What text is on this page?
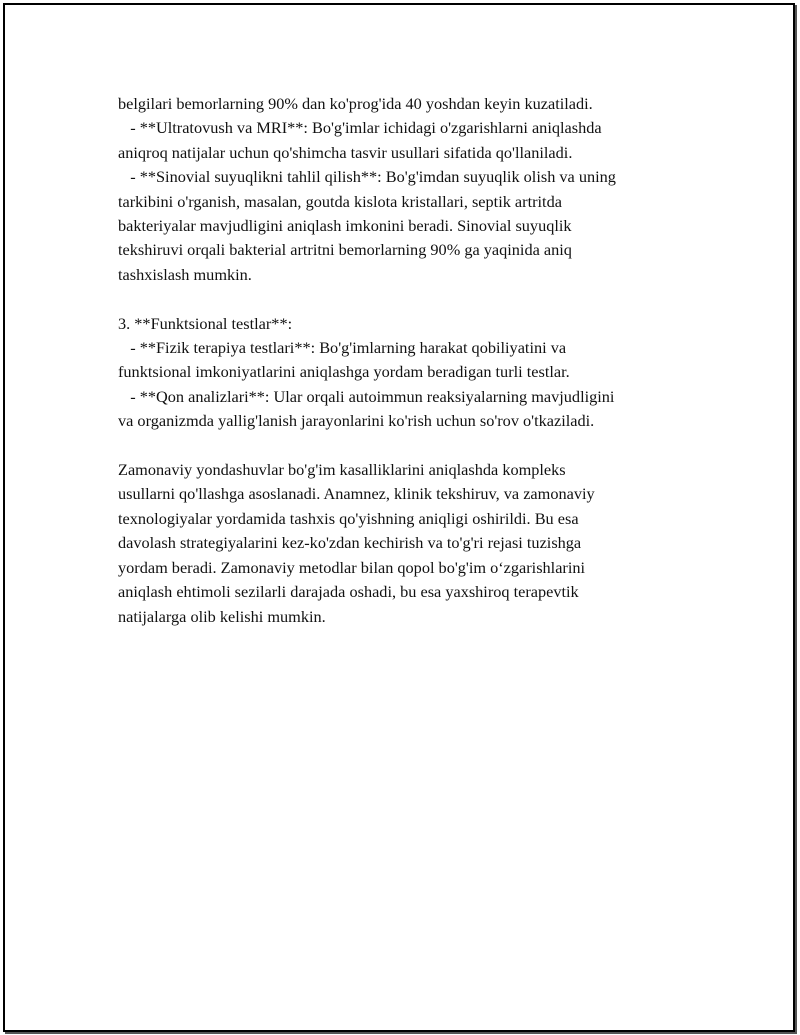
belgilari bemorlarning 90% dan ko'prog'ida 40 yoshdan keyin kuzatiladi.
- **Ultratovush va MRI**: Bo'g'imlar ichidagi o'zgarishlarni aniqlashda
aniqroq natijalar uchun qo'shimcha tasvir usullari sifatida qo'llaniladi.
- **Sinovial suyuqlikni tahlil qilish**: Bo'g'imdan suyuqlik olish va uning
tarkibini o'rganish, masalan, goutda kislota kristallari, septik artritda
bakteriyalar mavjudligini aniqlash imkonini beradi. Sinovial suyuqlik
tekshiruvi orqali bakterial artritni bemorlarning 90% ga yaqinida aniq
tashxislash mumkin.
3. **Funktsional testlar**:
- **Fizik terapiya testlari**: Bo'g'imlarning harakat qobiliyatini va
funktsional imkoniyatlarini aniqlashga yordam beradigan turli testlar.
- **Qon analizlari**: Ular orqali autoimmun reaksiyalarning mavjudligini
va organizmda yallig'lanish jarayonlarini ko'rish uchun so'rov o'tkaziladi.
Zamonaviy yondashuvlar bo'g'im kasalliklarini aniqlashda kompleks
usullarni qo'llashga asoslanadi. Anamnez, klinik tekshiruv, va zamonaviy
texnologiyalar yordamida tashxis qo'yishning aniqligi oshirildi. Bu esa
davolash strategiyalarini kez-ko'zdan kechirish va to'g'ri rejasi tuzishga
yordam beradi. Zamonaviy metodlar bilan qopol bo'g'im o‘zgarishlarini
aniqlash ehtimoli sezilarli darajada oshadi, bu esa yaxshiroq terapevtik
natijalarga olib kelishi mumkin.
